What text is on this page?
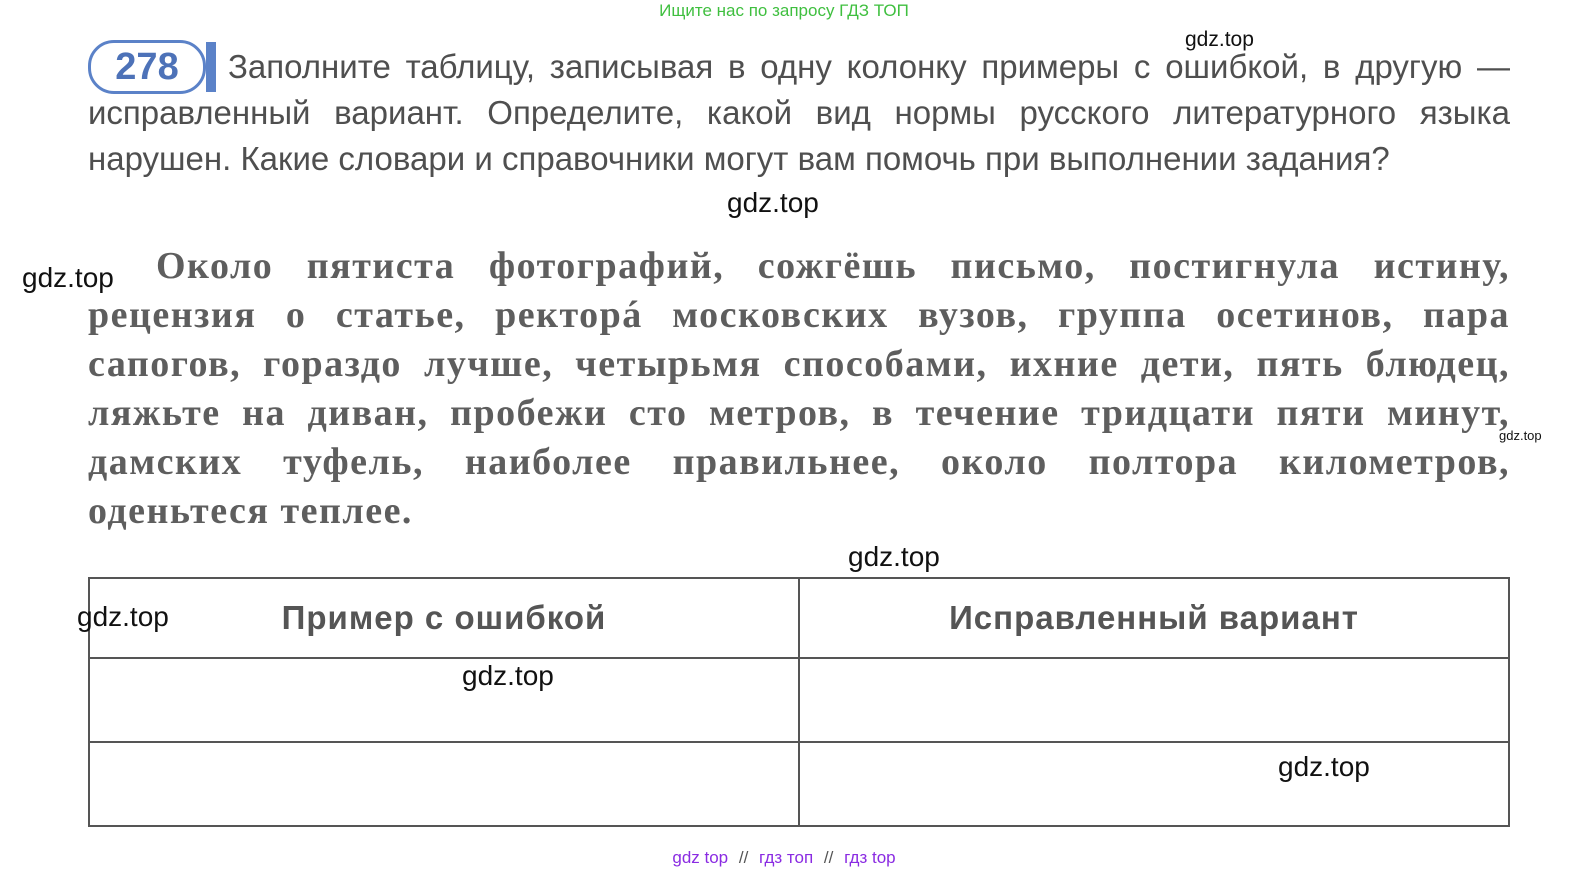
Ищите нас по запросу ГДЗ ТОП
278	Заполните таблицу, записывая в одну колонку примеры с ошибкой, в другую — исправленный вариант. Определите, какой вид нормы русского литературного языка нарушен. Какие словари и справочники могут вам помочь при выполнении задания?
Около пятиста фотографий, сожгёшь письмо, постигнула истину, рецензия о статье, ректорá московских вузов, группа осетинов, пара сапогов, гораздо лучше, четырьмя способами, ихние дети, пять блюдец, ляжьте на диван, пробежи сто метров, в течение тридцати пяти минут, дамских туфель, наиболее правильнее, около полтора километров, оденьтеся теплее.
Пример с ошибкой	Исправленный вариант

gdz.top
gdz.top
gdz.top
gdz.top
gdz.top
gdz.top
gdz.top
gdz.top
gdz top // гдз топ // гдз top
